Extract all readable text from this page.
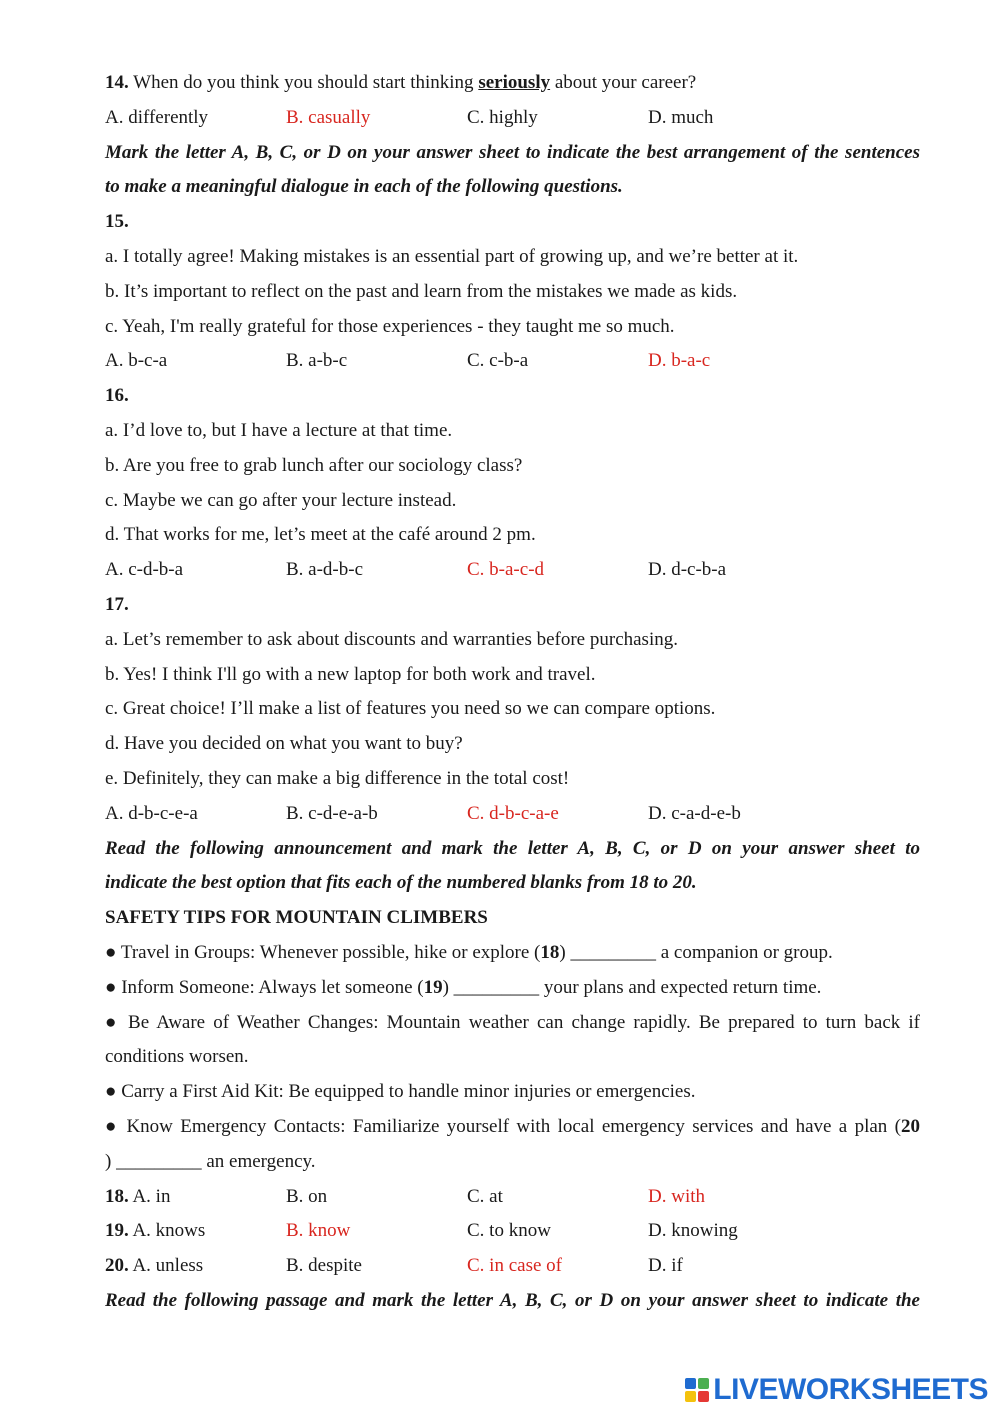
14. When do you think you should start thinking seriously about your career?
A. differently	B. casually	C. highly	D. much
Mark the letter A, B, C, or D on your answer sheet to indicate the best arrangement of the sentences
to make a meaningful dialogue in each of the following questions.
15.
a. I totally agree! Making mistakes is an essential part of growing up, and we’re better at it.
b. It’s important to reflect on the past and learn from the mistakes we made as kids.
c. Yeah, I'm really grateful for those experiences - they taught me so much.
A. b-c-a	B. a-b-c	C. c-b-a	D. b-a-c
16.
a. I’d love to, but I have a lecture at that time.
b. Are you free to grab lunch after our sociology class?
c. Maybe we can go after your lecture instead.
d. That works for me, let’s meet at the café around 2 pm.
A. c-d-b-a	B. a-d-b-c	C. b-a-c-d	D. d-c-b-a
17.
a. Let’s remember to ask about discounts and warranties before purchasing.
b. Yes! I think I'll go with a new laptop for both work and travel.
c. Great choice! I’ll make a list of features you need so we can compare options.
d. Have you decided on what you want to buy?
e. Definitely, they can make a big difference in the total cost!
A. d-b-c-e-a	B. c-d-e-a-b	C. d-b-c-a-e	D. c-a-d-e-b
Read the following announcement and mark the letter A, B, C, or D on your answer sheet to
indicate the best option that fits each of the numbered blanks from 18 to 20.
SAFETY TIPS FOR MOUNTAIN CLIMBERS
● Travel in Groups: Whenever possible, hike or explore (18) _________ a companion or group.
● Inform Someone: Always let someone (19) _________ your plans and expected return time.
● Be Aware of Weather Changes: Mountain weather can change rapidly. Be prepared to turn back if
conditions worsen.
● Carry a First Aid Kit: Be equipped to handle minor injuries or emergencies.
● Know Emergency Contacts: Familiarize yourself with local emergency services and have a plan (20
) _________ an emergency.
18. A. in	B. on	C. at	D. with
19. A. knows	B. know	C. to know	D. knowing
20. A. unless	B. despite	C. in case of	D. if
Read the following passage and mark the letter A, B, C, or D on your answer sheet to indicate the
LIVEWORKSHEETS
